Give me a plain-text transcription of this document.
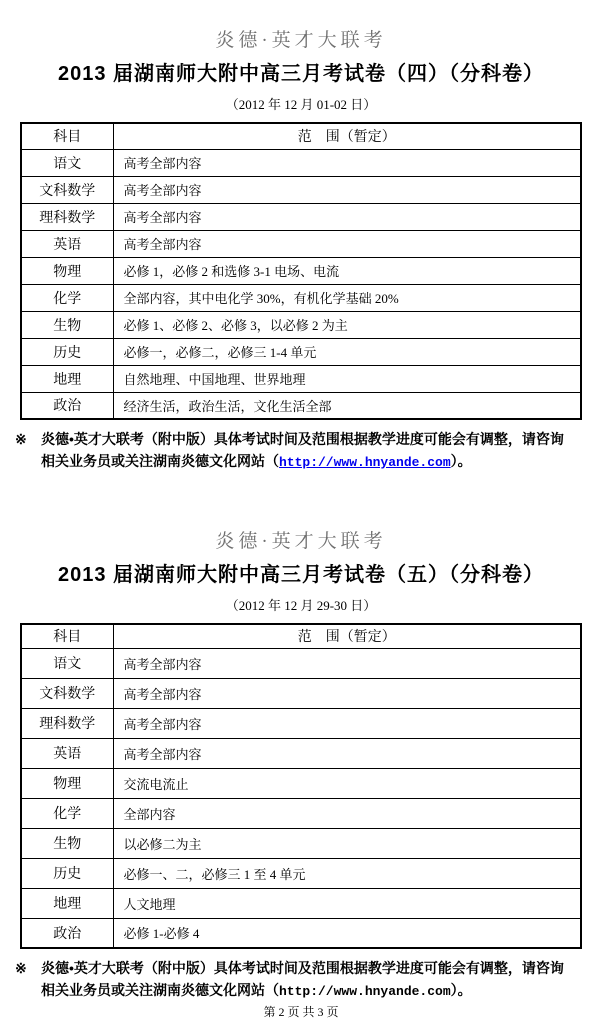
炎德·英才大联考
2013 届湖南师大附中高三月考试卷（四）（分科卷）
（2012 年 12 月 01-02 日）
科目	范　围（暂定）
语文	高考全部内容
文科数学	高考全部内容
理科数学	高考全部内容
英语	高考全部内容
物理	必修 1，必修 2 和选修 3-1 电场、电流
化学	全部内容，其中电化学 30%，有机化学基础 20%
生物	必修 1、必修 2、必修 3，以必修 2 为主
历史	必修一，必修二，必修三 1-4 单元
地理	自然地理、中国地理、世界地理
政治	经济生活，政治生活，文化生活全部
※	炎德•英才大联考（附中版）具体考试时间及范围根据教学进度可能会有调整，请咨询
相关业务员或关注湖南炎德文化网站（http://www.hnyande.com）。
炎德·英才大联考
2013 届湖南师大附中高三月考试卷（五）（分科卷）
（2012 年 12 月 29-30 日）
科目	范　围（暂定）
语文	高考全部内容
文科数学	高考全部内容
理科数学	高考全部内容
英语	高考全部内容
物理	交流电流止
化学	全部内容
生物	以必修二为主
历史	必修一、二，必修三 1 至 4 单元
地理	人文地理
政治	必修 1-必修 4
※	炎德•英才大联考（附中版）具体考试时间及范围根据教学进度可能会有调整，请咨询
相关业务员或关注湖南炎德文化网站（http://www.hnyande.com）。
第 2 页 共 3 页
